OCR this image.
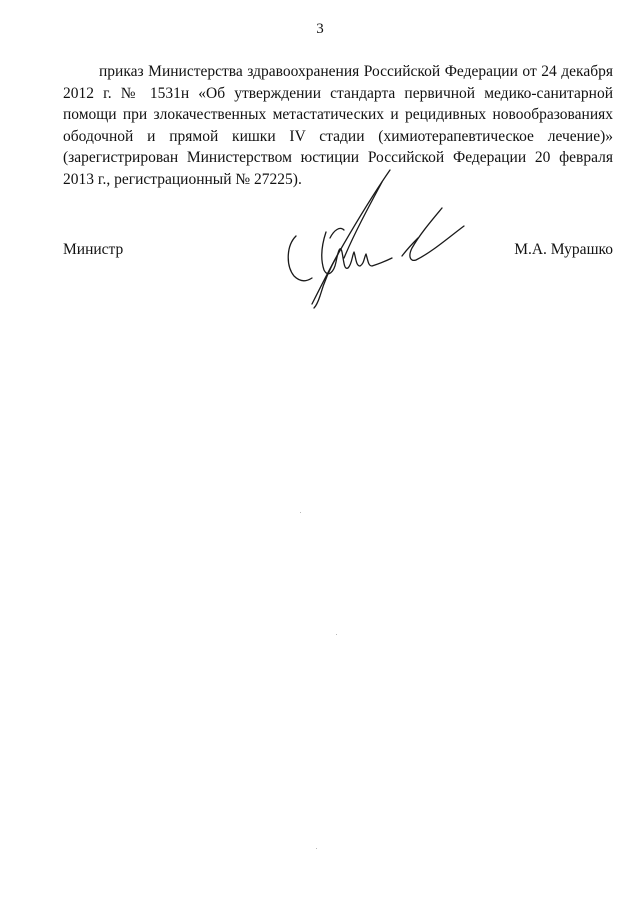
3

приказ Министерства здравоохранения Российской Федерации от 24 декабря 2012 г. № 1531н «Об утверждении стандарта первичной медико-санитарной помощи при злокачественных метастатических и рецидивных новообразованиях ободочной и прямой кишки IV стадии (химиотерапевтическое лечение)» (зарегистрирован Министерством юстиции Российской Федерации 20 февраля 2013 г., регистрационный № 27225).

Министр	М.А. Мурашко
